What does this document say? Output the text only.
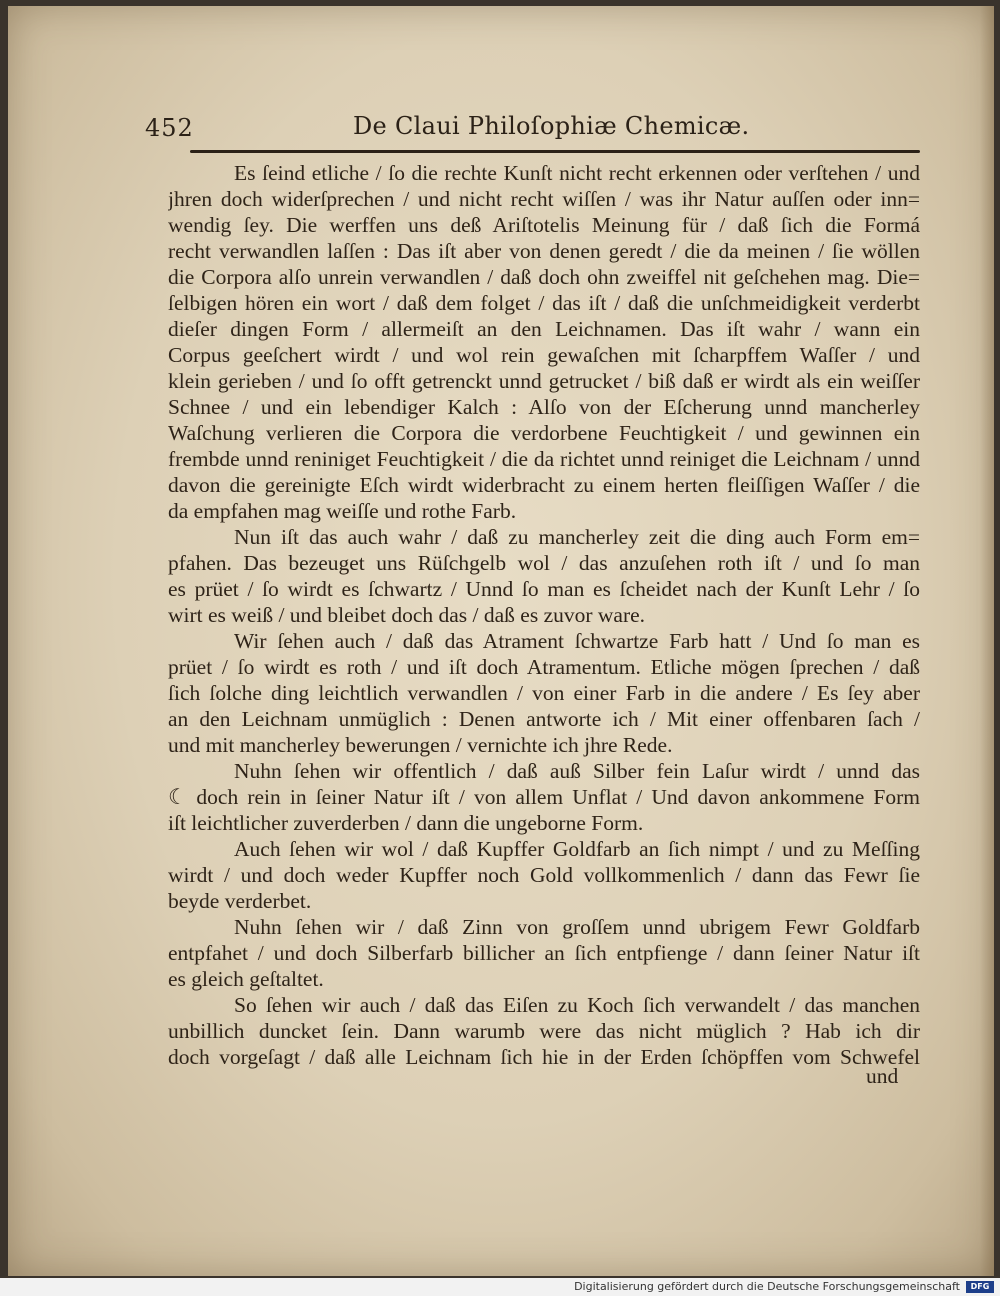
452	De Claui Philoſophiæ Chemicæ.
Es ſeind etliche / ſo die rechte Kunſt nicht recht erkennen oder verſtehen / und
jhren doch widerſprechen / und nicht recht wiſſen / was ihr Natur auſſen oder inn=
wendig ſey. Die werffen uns deß Ariſtotelis Meinung für / daß ſich die Formá
recht verwandlen laſſen : Das iſt aber von denen geredt / die da meinen / ſie wöllen
die Corpora alſo unrein verwandlen / daß doch ohn zweiffel nit geſchehen mag. Die=
ſelbigen hören ein wort / daß dem folget / das iſt / daß die unſchmeidigkeit verderbt
dieſer dingen Form / allermeiſt an den Leichnamen. Das iſt wahr / wann ein
Corpus geeſchert wirdt / und wol rein gewaſchen mit ſcharpffem Waſſer / und
klein gerieben / und ſo offt getrenckt unnd getrucket / biß daß er wirdt als ein weiſſer
Schnee / und ein lebendiger Kalch : Alſo von der Eſcherung unnd mancherley
Waſchung verlieren die Corpora die verdorbene Feuchtigkeit / und gewinnen ein
frembde unnd reniniget Feuchtigkeit / die da richtet unnd reiniget die Leichnam / unnd
davon die gereinigte Eſch wirdt widerbracht zu einem herten fleiſſigen Waſſer / die
da empfahen mag weiſſe und rothe Farb.
Nun iſt das auch wahr / daß zu mancherley zeit die ding auch Form em=
pfahen. Das bezeuget uns Rüſchgelb wol / das anzuſehen roth iſt / und ſo man
es prüet / ſo wirdt es ſchwartz / Unnd ſo man es ſcheidet nach der Kunſt Lehr / ſo
wirt es weiß / und bleibet doch das / daß es zuvor ware.
Wir ſehen auch / daß das Atrament ſchwartze Farb hatt / Und ſo man es
prüet / ſo wirdt es roth / und iſt doch Atramentum. Etliche mögen ſprechen / daß
ſich ſolche ding leichtlich verwandlen / von einer Farb in die andere / Es ſey aber
an den Leichnam unmüglich : Denen antworte ich / Mit einer offenbaren ſach /
und mit mancherley bewerungen / vernichte ich jhre Rede.
Nuhn ſehen wir offentlich / daß auß Silber fein Laſur wirdt / unnd das
☾ doch rein in ſeiner Natur iſt / von allem Unflat / Und davon ankommene Form
iſt leichtlicher zuverderben / dann die ungeborne Form.
Auch ſehen wir wol / daß Kupffer Goldfarb an ſich nimpt / und zu Meſſing
wirdt / und doch weder Kupffer noch Gold vollkommenlich / dann das Fewr ſie
beyde verderbet.
Nuhn ſehen wir / daß Zinn von groſſem unnd ubrigem Fewr Goldfarb
entpfahet / und doch Silberfarb billicher an ſich entpfienge / dann ſeiner Natur iſt
es gleich geſtaltet.
So ſehen wir auch / daß das Eiſen zu Koch ſich verwandelt / das manchen
unbillich duncket ſein. Dann warumb were das nicht müglich ? Hab ich dir
doch vorgeſagt / daß alle Leichnam ſich hie in der Erden ſchöpffen vom Schwefel
und
Digitalisierung gefördert durch die Deutsche Forschungsgemeinschaft	DFG
